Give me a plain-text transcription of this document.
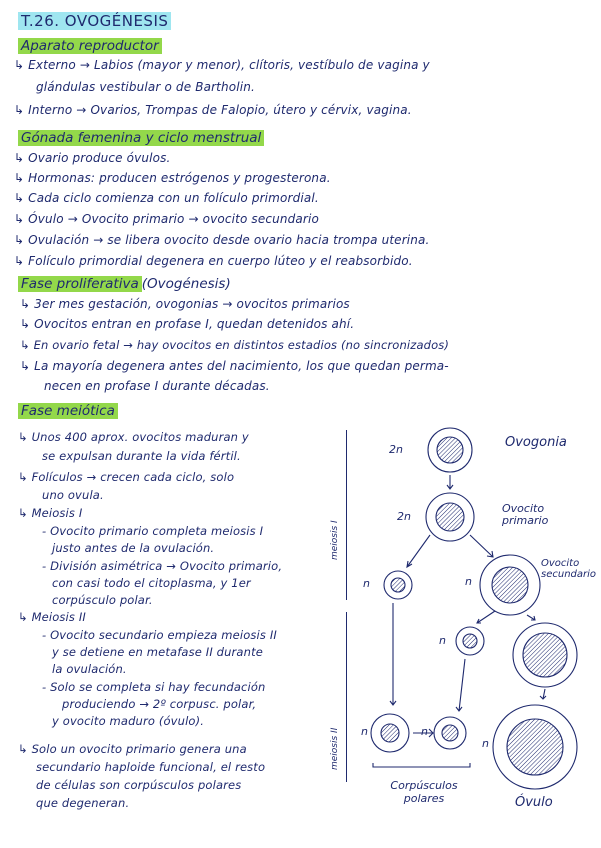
T.26. OVOGÉNESIS
Aparato reproductor
↳ Externo → Labios (mayor y menor), clítoris, vestíbulo de vagina y
glándulas vestibular o de Bartholin.
↳ Interno → Ovarios, Trompas de Falopio, útero y cérvix, vagina.
Gónada femenina y ciclo menstrual
↳ Ovario produce óvulos.
↳ Hormonas: producen estrógenos y progesterona.
↳ Cada ciclo comienza con un folículo primordial.
↳ Óvulo → Ovocito primario → ovocito secundario
↳ Ovulación → se libera ovocito desde ovario hacia trompa uterina.
↳ Folículo primordial degenera en cuerpo lúteo y el reabsorbido.
Fase proliferativa (Ovogénesis)
↳ 3er mes gestación, ovogonias → ovocitos primarios
↳ Ovocitos entran en profase I, quedan detenidos ahí.
↳ En ovario fetal → hay ovocitos en distintos estadios (no sincronizados)
↳ La mayoría degenera antes del nacimiento, los que quedan perma-
necen en profase I durante décadas.
Fase meiótica
↳ Unos 400 aprox. ovocitos maduran y
se expulsan durante la vida fértil.
↳ Folículos → crecen cada ciclo, solo
uno ovula.
↳ Meiosis I
- Ovocito primario completa meiosis I
justo antes de la ovulación.
- División asimétrica → Ovocito primario,
con casi todo el citoplasma, y 1er
corpúsculo polar.
↳ Meiosis II
- Ovocito secundario empieza meiosis II
y se detiene en metafase II durante
la ovulación.
- Solo se completa si hay fecundación
produciendo → 2º corpusc. polar,
y ovocito maduro (óvulo).
↳ Solo un ovocito primario genera una
secundario haploide funcional, el resto
de células son corpúsculos polares
que degeneran.
meiosis I
meiosis II
2n	Ovogonia
2n
Ovocito primario
n	n
Ovocito secundario
n
n	n
n
Corpúsculos polares	Óvulo
